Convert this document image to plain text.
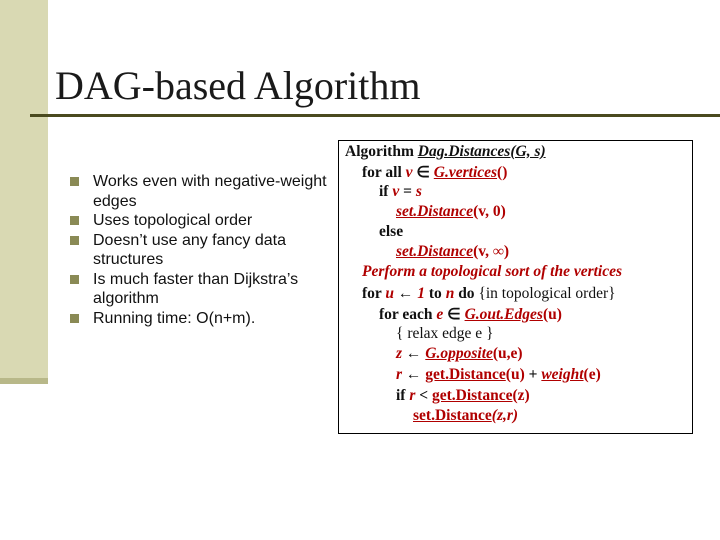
DAG-based Algorithm
Works even with negative-weight edges
Uses topological order
Doesn’t use any fancy data structures
Is much faster than Dijkstra’s algorithm
Running time: O(n+m).
Algorithm Dag.Distances(G, s)
for all v ∈ G.vertices()
if v = s
set.Distance(v, 0)
else
set.Distance(v, ∞)
Perform a topological sort of the vertices
for u ← 1 to n do {in topological order}
for each e ∈ G.out.Edges(u)
{ relax edge e }
z ← G.opposite(u,e)
r ← get.Distance(u) + weight(e)
if r < get.Distance(z)
set.Distance(z,r)
